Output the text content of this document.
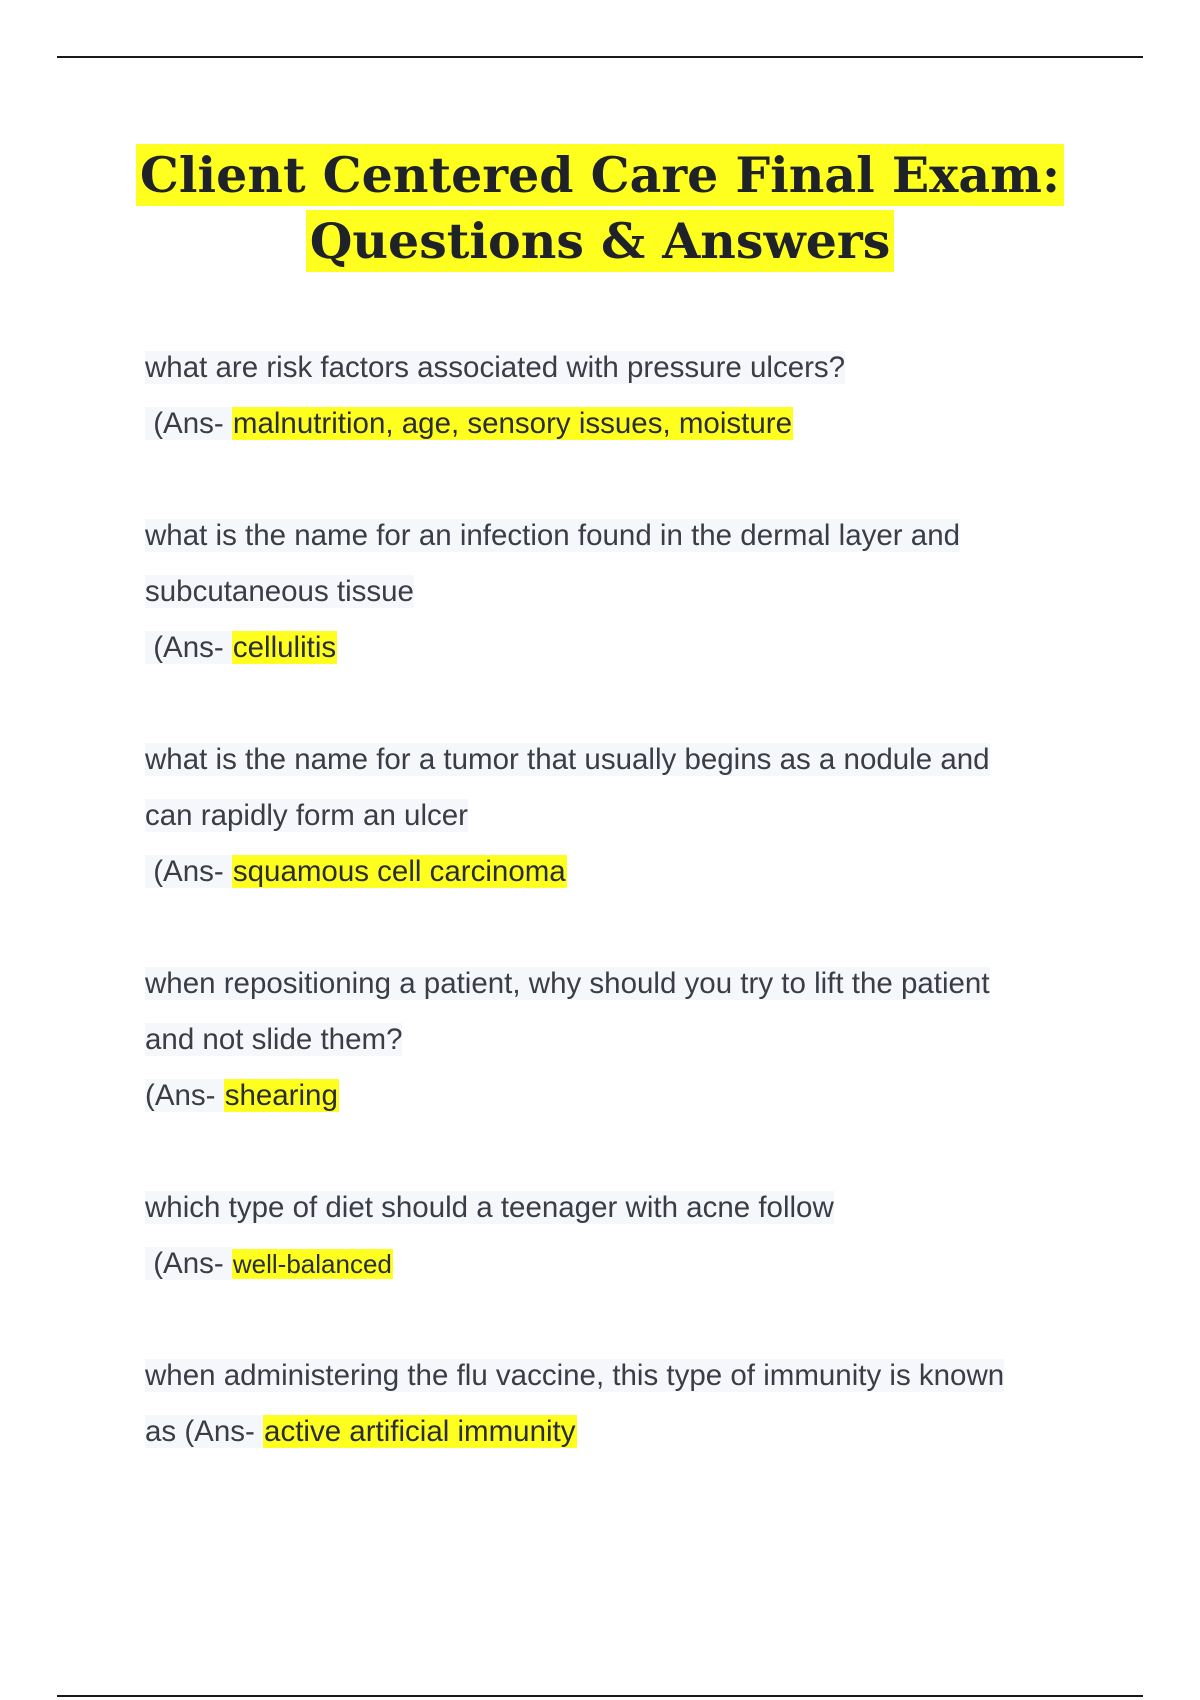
Client Centered Care Final Exam:
Questions & Answers
what are risk factors associated with pressure ulcers?
(Ans- malnutrition, age, sensory issues, moisture
what is the name for an infection found in the dermal layer and
subcutaneous tissue
(Ans- cellulitis
what is the name for a tumor that usually begins as a nodule and
can rapidly form an ulcer
(Ans- squamous cell carcinoma
when repositioning a patient, why should you try to lift the patient
and not slide them?
(Ans- shearing
which type of diet should a teenager with acne follow
(Ans- well-balanced
when administering the flu vaccine, this type of immunity is known
as (Ans- active artificial immunity
